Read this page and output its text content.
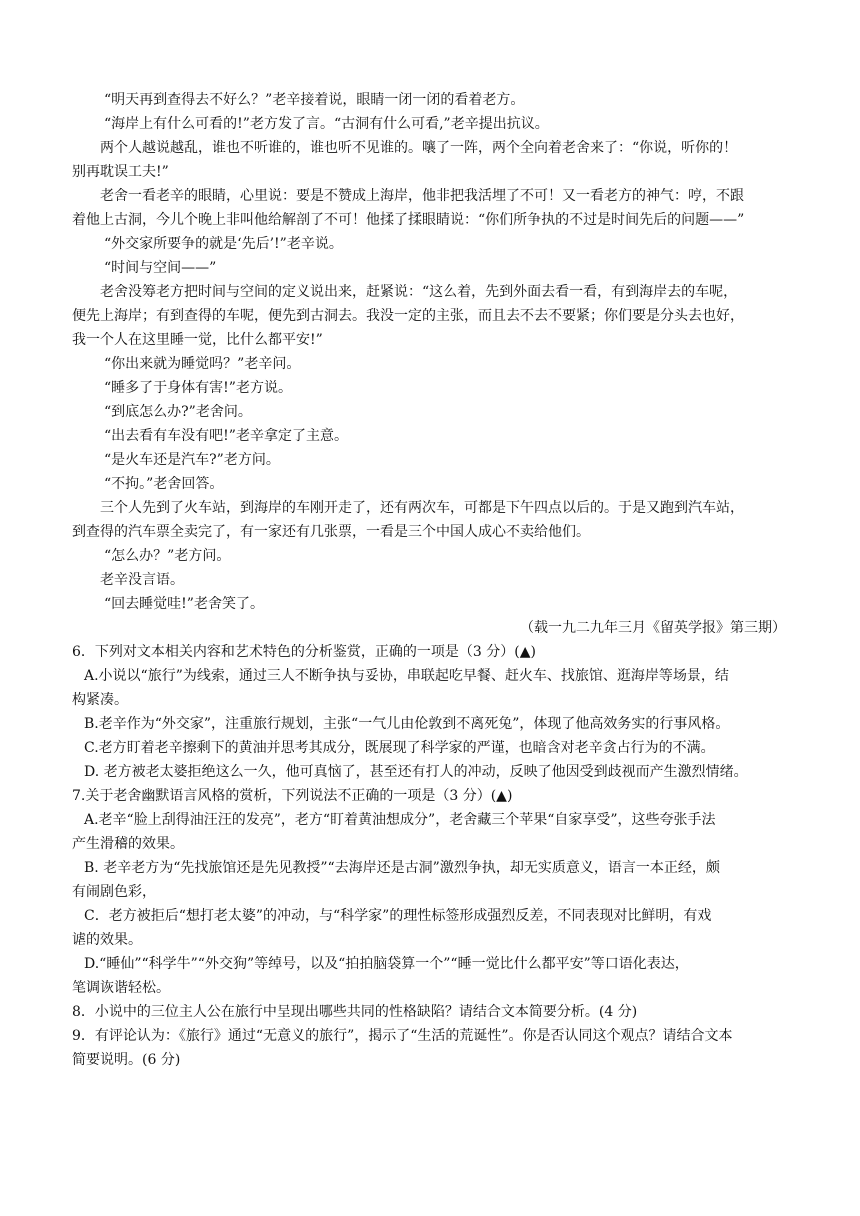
“明天再到查得去不好么？”老辛接着说，眼睛一闭一闭的看着老方。

“海岸上有什么可看的!”老方发了言。“古洞有什么可看,”老辛提出抗议。

两个人越说越乱，谁也不听谁的，谁也听不见谁的。嚷了一阵，两个全向着老舍来了：“你说，听你的！

别再耽误工夫!”

老舍一看老辛的眼睛，心里说：要是不赞成上海岸，他非把我活埋了不可！又一看老方的神气：哼，不跟

着他上古洞，今儿个晚上非叫他给解剖了不可！他揉了揉眼睛说：“你们所争执的不过是时间先后的问题——”

“外交家所要争的就是‘先后’!”老辛说。

“时间与空间——”

老舍没筹老方把时间与空间的定义说出来，赶紧说：“这么着，先到外面去看一看，有到海岸去的车呢，

便先上海岸；有到查得的车呢，便先到古洞去。我没一定的主张，而且去不去不要紧；你们要是分头去也好，

我一个人在这里睡一觉，比什么都平安!”

“你出来就为睡觉吗？”老辛问。

“睡多了于身体有害!”老方说。

“到底怎么办?”老舍问。

“出去看有车没有吧!”老辛拿定了主意。

“是火车还是汽车?”老方问。

“不拘。”老舍回答。

三个人先到了火车站，到海岸的车刚开走了，还有两次车，可都是下午四点以后的。于是又跑到汽车站，

到查得的汽车票全卖完了，有一家还有几张票，一看是三个中国人成心不卖给他们。

“怎么办？”老方问。

老辛没言语。

“回去睡觉哇!”老舍笑了。

（载一九二九年三月《留英学报》第三期）

6．下列对文本相关内容和艺术特色的分析鉴赏，正确的一项是（3 分）(▲)

A.小说以“旅行”为线索，通过三人不断争执与妥协，串联起吃早餐、赶火车、找旅馆、逛海岸等场景，结

构紧凑。

B.老辛作为“外交家”，注重旅行规划，主张“一气儿由伦敦到不离死兔”，体现了他高效务实的行事风格。

C.老方盯着老辛擦剩下的黄油并思考其成分，既展现了科学家的严谨，也暗含对老辛贪占行为的不满。

D. 老方被老太婆拒绝这么一久，他可真恼了，甚至还有打人的冲动，反映了他因受到歧视而产生激烈情绪。

7.关于老舍幽默语言风格的赏析，下列说法不正确的一项是（3 分）(▲)

A.老辛“脸上刮得油汪汪的发亮”，老方“盯着黄油想成分”，老舍藏三个苹果“自家享受”，这些夸张手法

产生滑稽的效果。

B. 老辛老方为“先找旅馆还是先见教授”“去海岸还是古洞”激烈争执，却无实质意义，语言一本正经，颇

有闹剧色彩，

C．老方被拒后“想打老太婆”的冲动，与“科学家”的理性标签形成强烈反差，不同表现对比鲜明，有戏

谑的效果。

D.“睡仙”“科学牛”“外交狗”等绰号，以及“拍拍脑袋算一个”“睡一觉比什么都平安”等口语化表达，

笔调诙谐轻松。

8．小说中的三位主人公在旅行中呈现出哪些共同的性格缺陷？请结合文本简要分析。(4 分)

9．有评论认为：《旅行》通过“无意义的旅行”，揭示了“生活的荒诞性”。你是否认同这个观点？请结合文本

简要说明。(6 分)
